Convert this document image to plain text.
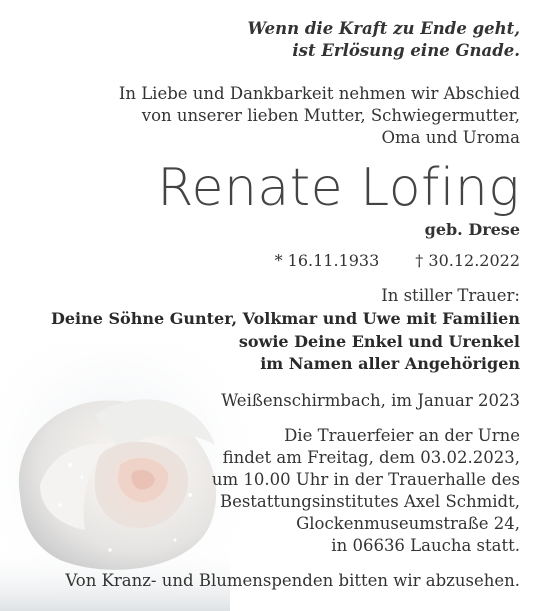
Wenn die Kraft zu Ende geht,
ist Erlösung eine Gnade.
In Liebe und Dankbarkeit nehmen wir Abschied
von unserer lieben Mutter, Schwiegermutter,
Oma und Uroma
Renate Lofing
geb. Drese
* 16.11.1933 † 30.12.2022
In stiller Trauer:
Deine Söhne Gunter, Volkmar und Uwe mit Familien
sowie Deine Enkel und Urenkel
im Namen aller Angehörigen
Weißenschirmbach, im Januar 2023
Die Trauerfeier an der Urne
findet am Freitag, dem 03.02.2023,
um 10.00 Uhr in der Trauerhalle des
Bestattungsinstitutes Axel Schmidt,
Glockenmuseumstraße 24,
in 06636 Laucha statt.
Von Kranz- und Blumenspenden bitten wir abzusehen.
